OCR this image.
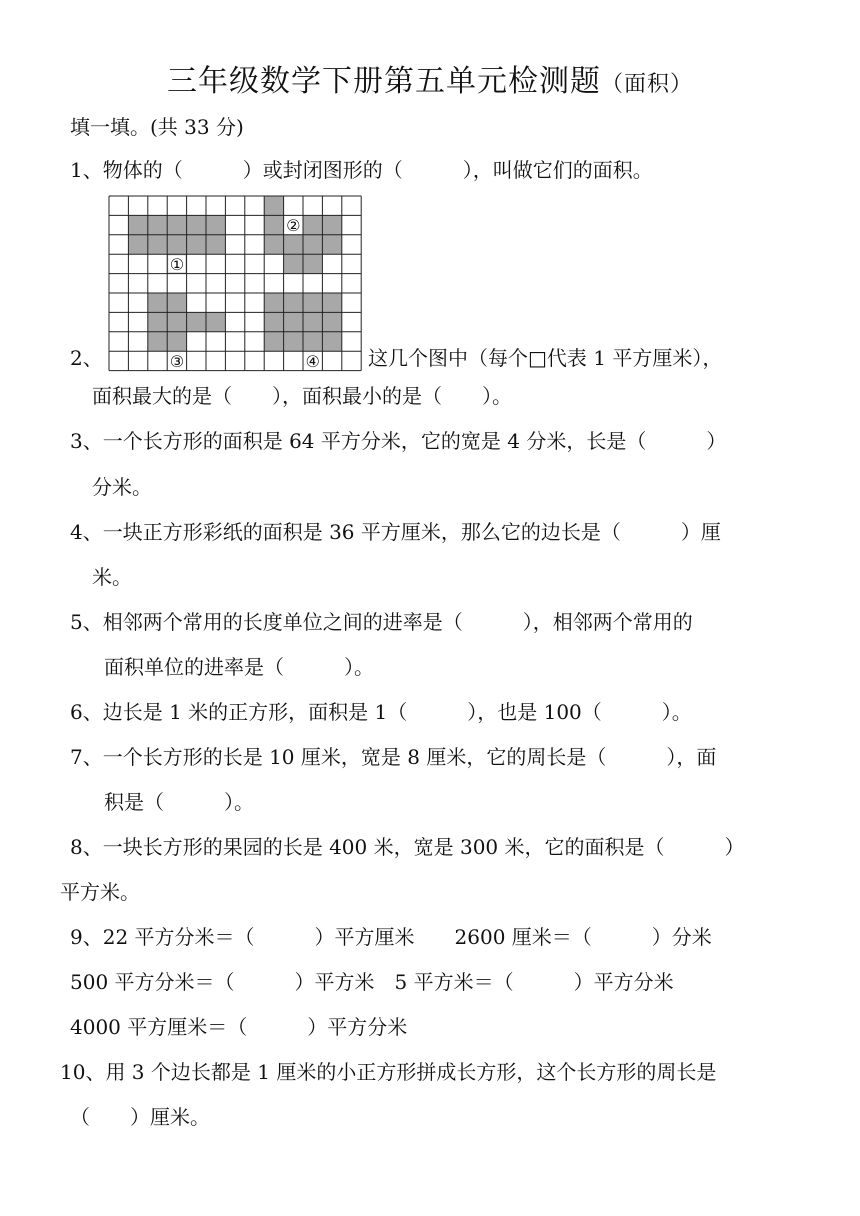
三年级数学下册第五单元检测题（面积）
填一填。(共 33 分)
1、物体的（　　　）或封闭图形的（　　　），叫做它们的面积。
①
②
③	④
2、	这几个图中（每个□代表 1 平方厘米），
面积最大的是（　　），面积最小的是（　　）。
3、一个长方形的面积是 64 平方分米，它的宽是 4 分米，长是（　　　）
分米。
4、一块正方形彩纸的面积是 36 平方厘米，那么它的边长是（　　　）厘
米。
5、相邻两个常用的长度单位之间的进率是（　　　），相邻两个常用的
面积单位的进率是（　　　）。
6、边长是 1 米的正方形，面积是 1（　　　），也是 100（　　　）。
7、一个长方形的长是 10 厘米，宽是 8 厘米，它的周长是（　　　），面
积是（　　　）。
8、一块长方形的果园的长是 400 米，宽是 300 米，它的面积是（　　　）
平方米。
9、22 平方分米＝（　　　）平方厘米　　2600 厘米＝（　　　）分米
500 平方分米＝（　　　）平方米　5 平方米＝（　　　）平方分米
4000 平方厘米＝（　　　）平方分米
10、用 3 个边长都是 1 厘米的小正方形拼成长方形，这个长方形的周长是
（　　）厘米。
